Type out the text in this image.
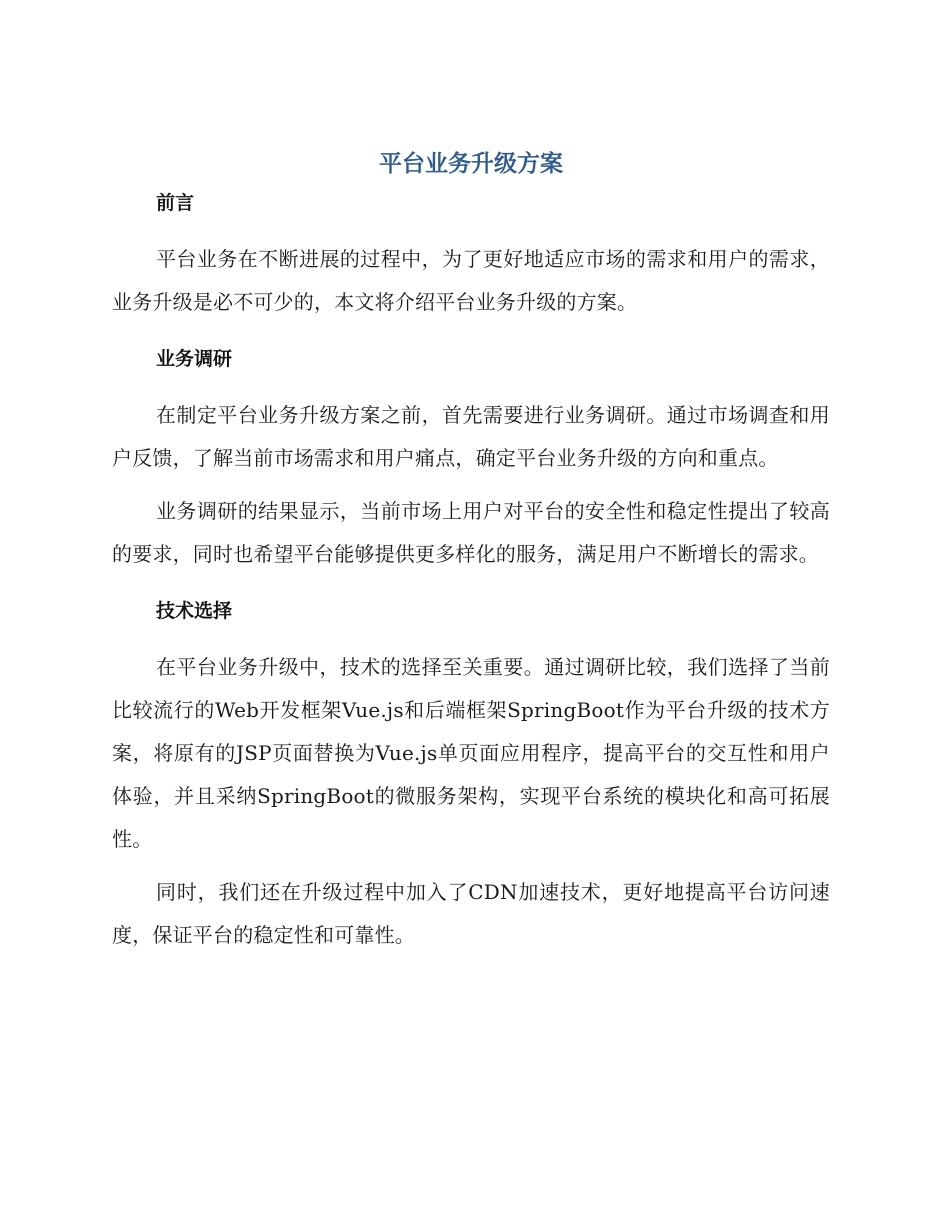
平台业务升级方案
前言

平台业务在不断进展的过程中，为了更好地适应市场的需求和用户的需求，业务升级是必不可少的，本文将介绍平台业务升级的方案。

业务调研

在制定平台业务升级方案之前，首先需要进行业务调研。通过市场调查和用户反馈，了解当前市场需求和用户痛点，确定平台业务升级的方向和重点。

业务调研的结果显示，当前市场上用户对平台的安全性和稳定性提出了较高的要求，同时也希望平台能够提供更多样化的服务，满足用户不断增长的需求。

技术选择

在平台业务升级中，技术的选择至关重要。通过调研比较，我们选择了当前比较流行的Web开发框架Vue.js和后端框架SpringBoot作为平台升级的技术方案，将原有的JSP页面替换为Vue.js单页面应用程序，提高平台的交互性和用户体验，并且采纳SpringBoot的微服务架构，实现平台系统的模块化和高可拓展性。

同时，我们还在升级过程中加入了CDN加速技术，更好地提高平台访问速度，保证平台的稳定性和可靠性。
